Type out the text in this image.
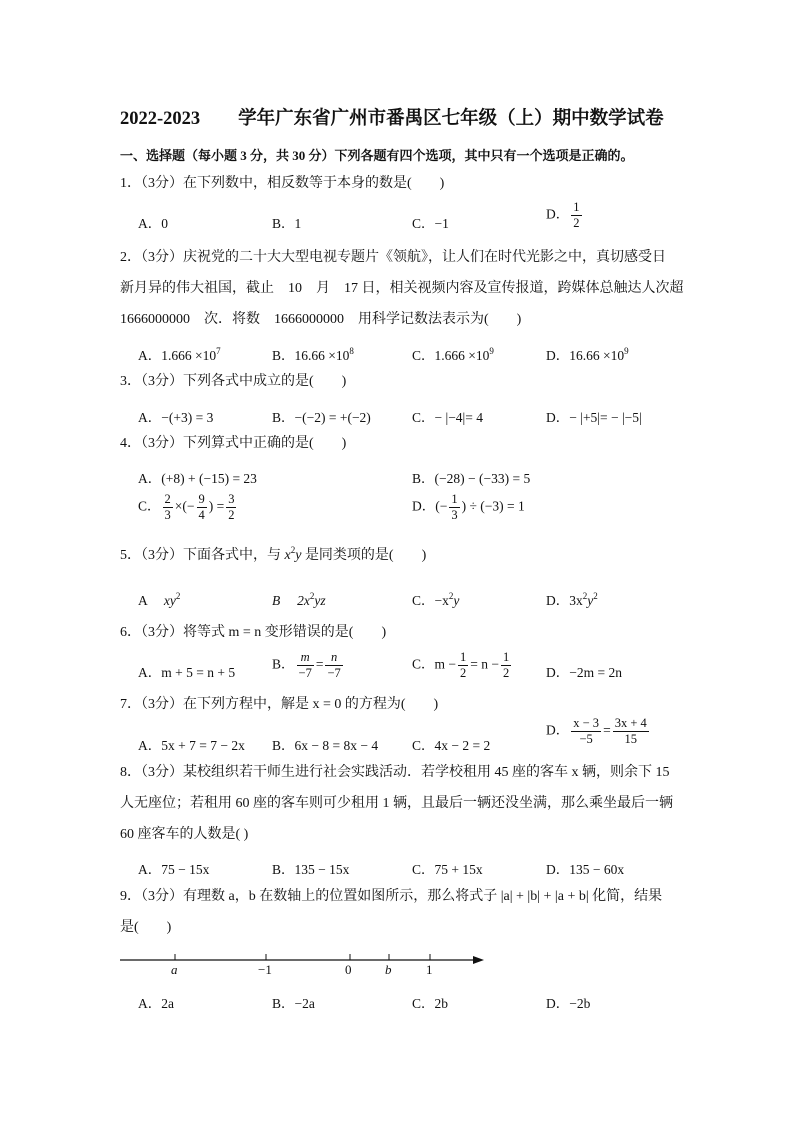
2022-2023 学年广东省广州市番禺区七年级（上）期中数学试卷
一、选择题（每小题 3 分，共 30 分）下列各题有四个选项，其中只有一个选项是正确的。
1．（3分）在下列数中，相反数等于本身的数是(　　)
A．0	B．1	C．−1
D． $\frac{1}{2}$
2．（3分）庆祝党的二十大大型电视专题片《领航》，让人们在时代光影之中，真切感受日
新月异的伟大祖国，截止　10　月　17 日，相关视频内容及宣传报道，跨媒体总触达人次超
1666000000　次．将数　1666000000　用科学记数法表示为(　　)
A．$1.666 \times 10^7$	B．$16.66 \times 10^8$	C．$1.666 \times 10^9$	D．$16.66 \times 10^9$
3．（3分）下列各式中成立的是(　　)
A．−(+3) = 3	B．−(−2) = +(−2)	C．− |−4|= 4	D．− |+5|= − |−5|
4．（3分）下列算式中正确的是(　　)
A．(+8) + (−15) = 23	B．(−28) − (−33) = 5
C． $\frac{2}{3}$ ×(− $\frac{9}{4}$ ) = $\frac{3}{2}$	D．(− $\frac{1}{3}$ ) ÷ (−3) = 1
5．（3分）下面各式中，与 $x^2y$ 是同类项的是(　　)
A　 $xy^2$	B　 $2x^2yz$	C．$-x^2y$	D．$3x^2y^2$
6．（3分）将等式 m = n 变形错误的是(　　)
A．m + 5 = n + 5
B． $\frac{m}{-7} = \frac{n}{-7}$	C．$m - \frac{1}{2} = n - \frac{1}{2}$	D．−2m = 2n
7．（3分）在下列方程中，解是 x = 0 的方程为(　　)
A．5x + 7 = 7 − 2x B．6x − 8 = 8x − 4	C．4x − 2 = 2
D． $\frac{x - 3}{-5} = \frac{3x + 4}{15}$
8．（3分）某校组织若干师生进行社会实践活动．若学校租用 45 座的客车 x 辆，则余下 15
人无座位；若租用 60 座的客车则可少租用 1 辆，且最后一辆还没坐满，那么乘坐最后一辆
60 座客车的人数是( )
A．75 − 15x	B．135 − 15x	C．75 + 15x	D．135 − 60x
9．（3分）有理数 a，b 在数轴上的位置如图所示，那么将式子 |a| + |b| + |a + b| 化简，结果
是(　　)
a	−1	0	b	1
A．2a	B．−2a	C．2b	D．−2b
